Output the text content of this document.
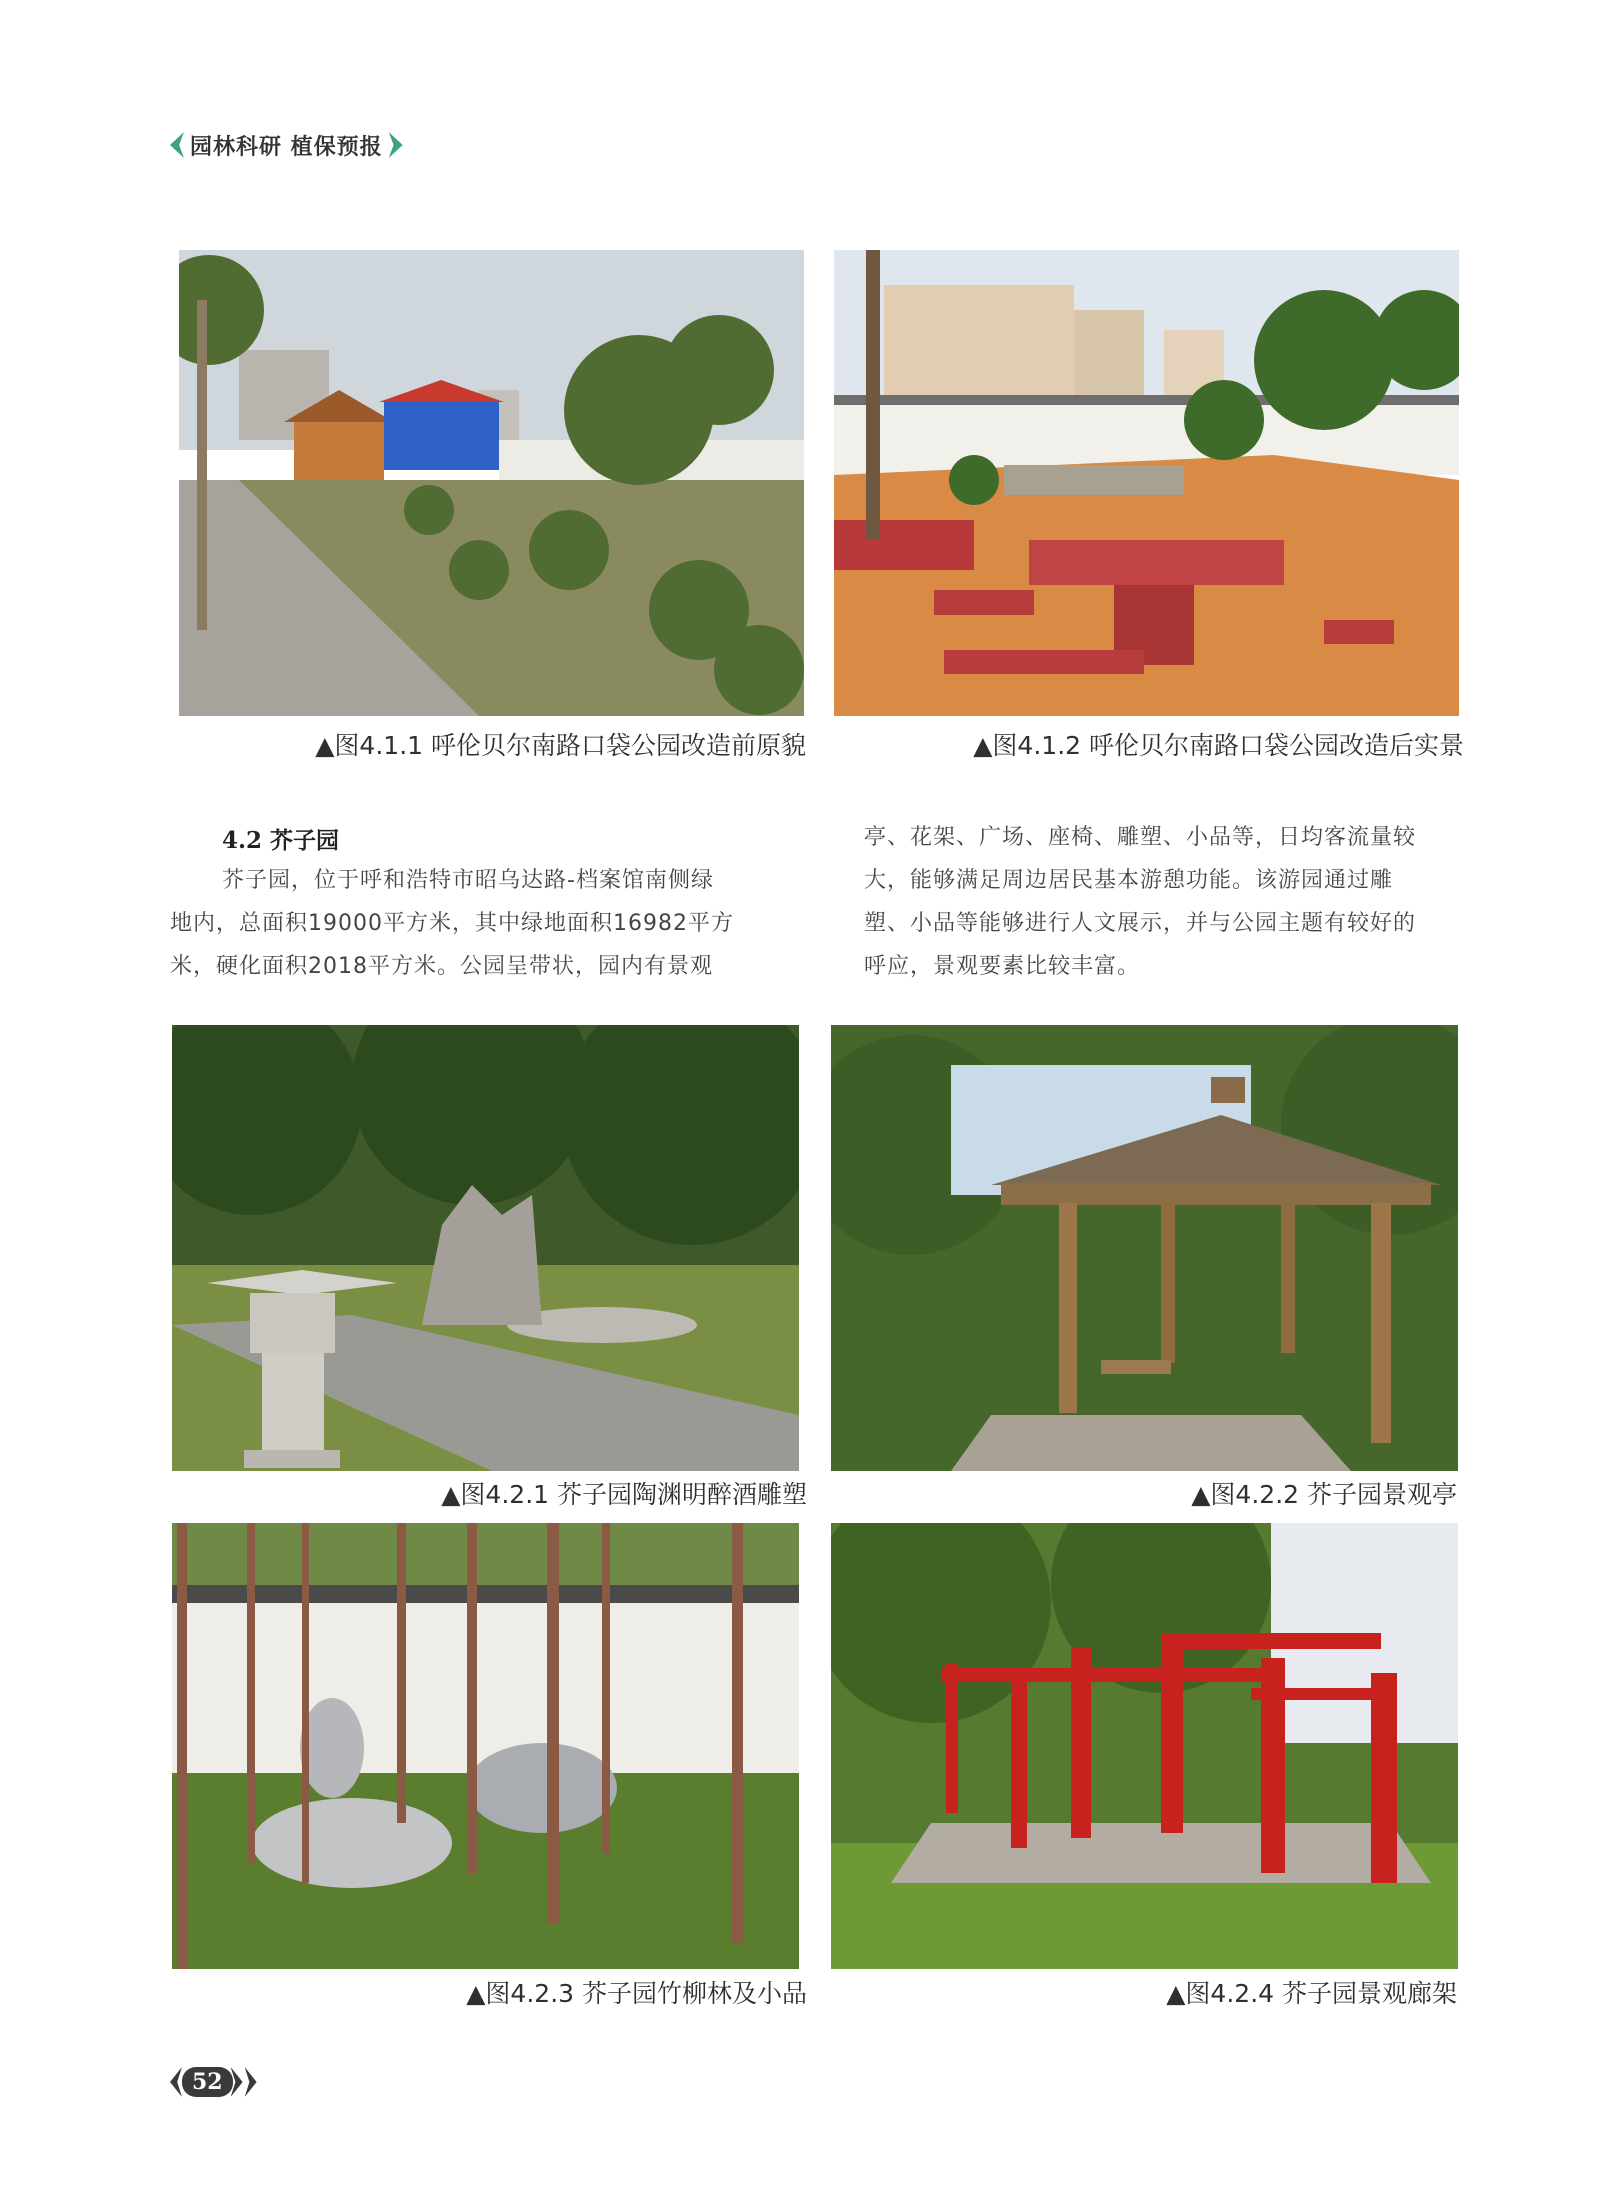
园林科研 植保预报
▲图4.1.1 呼伦贝尔南路口袋公园改造前原貌	▲图4.1.2 呼伦贝尔南路口袋公园改造后实景
4.2 芥子园

芥子园，位于呼和浩特市昭乌达路-档案馆南侧绿

地内，总面积19000平方米，其中绿地面积16982平方

米，硬化面积2018平方米。公园呈带状，园内有景观

亭、花架、广场、座椅、雕塑、小品等，日均客流量较

大，能够满足周边居民基本游憩功能。该游园通过雕

塑、小品等能够进行人文展示，并与公园主题有较好的

呼应，景观要素比较丰富。

▲图4.2.1 芥子园陶渊明醉酒雕塑	▲图4.2.2 芥子园景观亭
▲图4.2.3 芥子园竹柳林及小品	▲图4.2.4 芥子园景观廊架
52
